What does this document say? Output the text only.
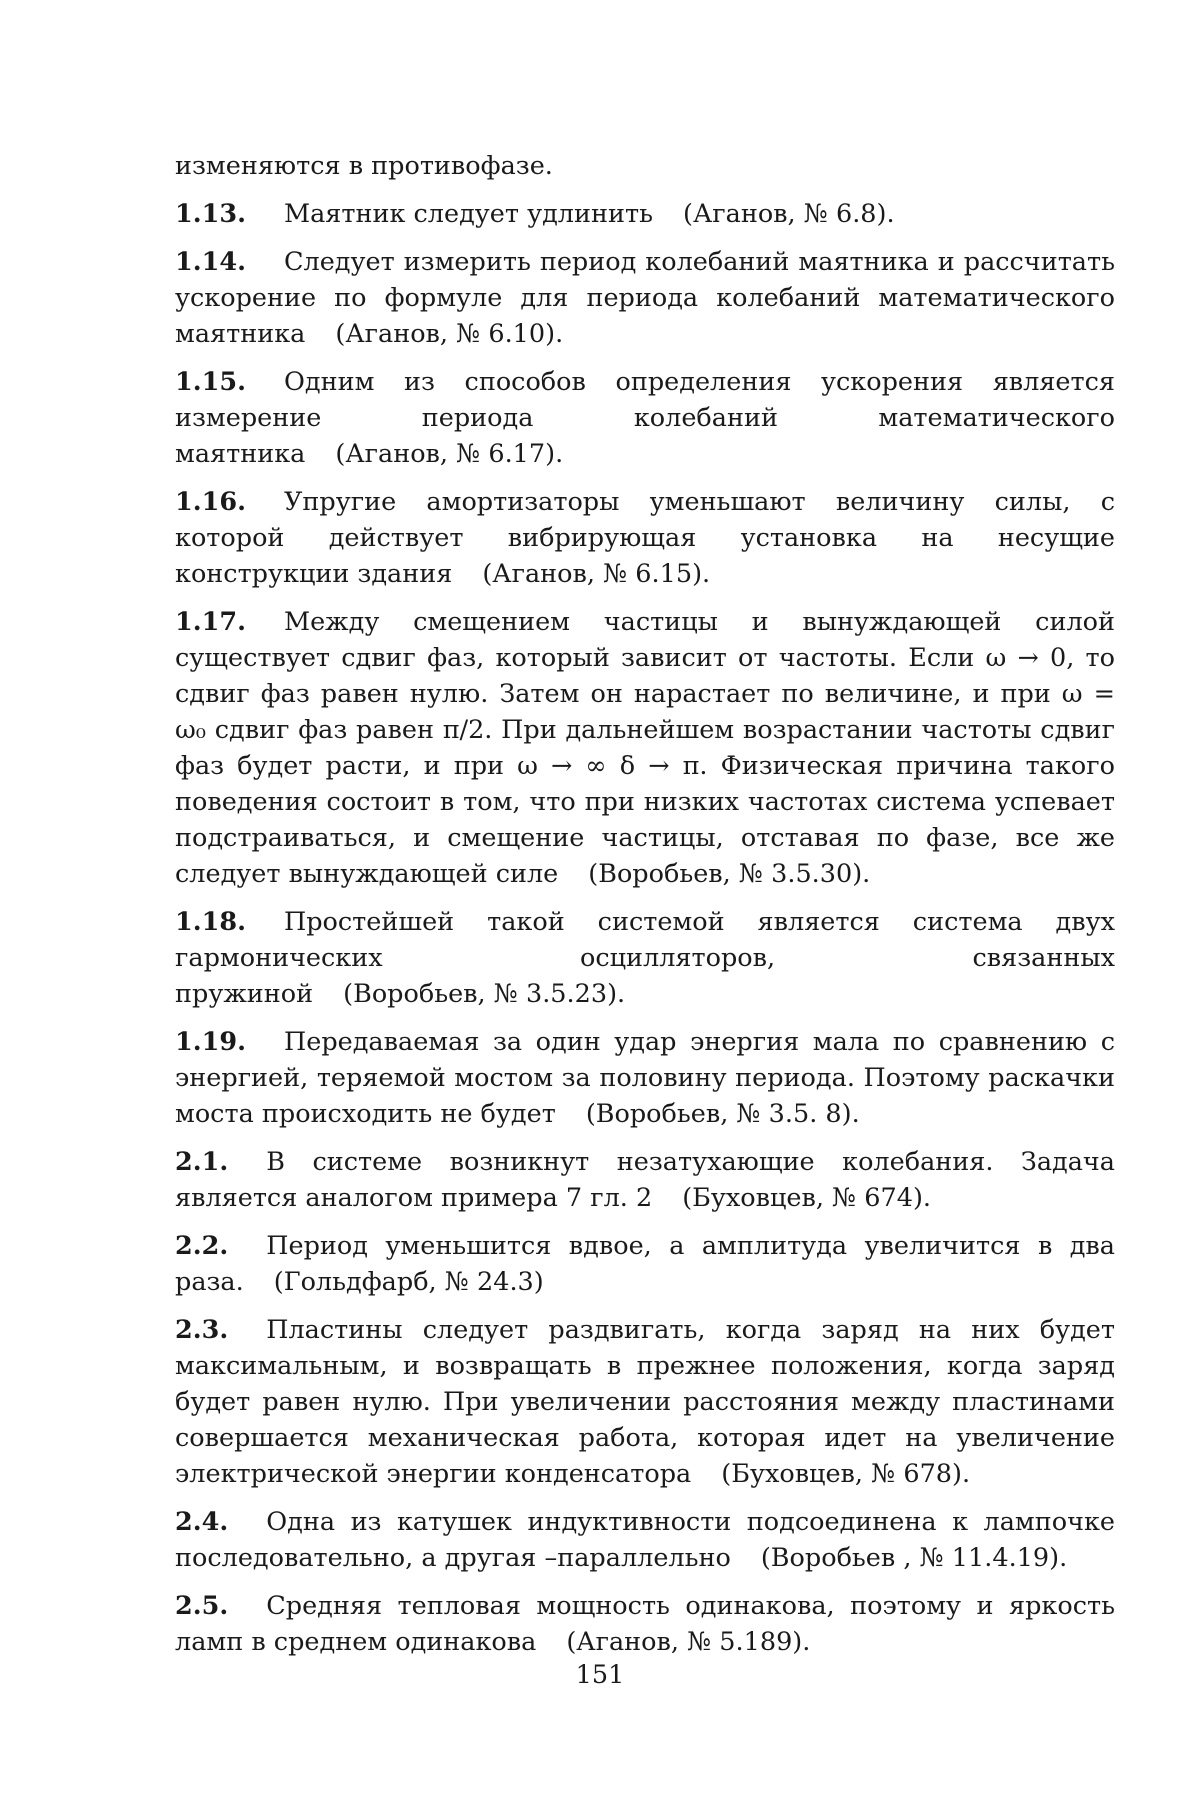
изменяются в противофазе.

1.13. Маятник следует удлинить (Аганов, № 6.8).

1.14. Следует измерить период колебаний маятника и рассчитать ускорение по формуле для периода колебаний математического маятника (Аганов, № 6.10).

1.15. Одним из способов определения ускорения является измерение периода колебаний математического маятника (Аганов, № 6.17).

1.16. Упругие амортизаторы уменьшают величину силы, с которой действует вибрирующая установка на несущие конструкции здания (Аганов, № 6.15).

1.17. Между смещением частицы и вынуждающей силой существует сдвиг фаз, который зависит от частоты. Если ω → 0, то сдвиг фаз равен нулю. Затем он нарастает по величине, и при ω = ω₀ сдвиг фаз равен π/2. При дальнейшем возрастании частоты сдвиг фаз будет расти, и при ω → ∞ δ → π. Физическая причина такого поведения состоит в том, что при низких частотах система успевает подстраиваться, и смещение частицы, отставая по фазе, все же следует вынуждающей силе (Воробьев, № 3.5.30).

1.18. Простейшей такой системой является система двух гармонических осцилляторов, связанных пружиной (Воробьев, № 3.5.23).

1.19. Передаваемая за один удар энергия мала по сравнению с энергией, теряемой мостом за половину периода. Поэтому раскачки моста происходить не будет (Воробьев, № 3.5. 8).

2.1. В системе возникнут незатухающие колебания. Задача является аналогом примера 7 гл. 2 (Буховцев, № 674).

2.2. Период уменьшится вдвое, а амплитуда увеличится в два раза. (Гольдфарб, № 24.3)

2.3. Пластины следует раздвигать, когда заряд на них будет максимальным, и возвращать в прежнее положения, когда заряд будет равен нулю. При увеличении расстояния между пластинами совершается механическая работа, которая идет на увеличение электрической энергии конденсатора (Буховцев, № 678).

2.4. Одна из катушек индуктивности подсоединена к лампочке последовательно, а другая –параллельно (Воробьев , № 11.4.19).

2.5. Средняя тепловая мощность одинакова, поэтому и яркость ламп в среднем одинакова (Аганов, № 5.189).

151
